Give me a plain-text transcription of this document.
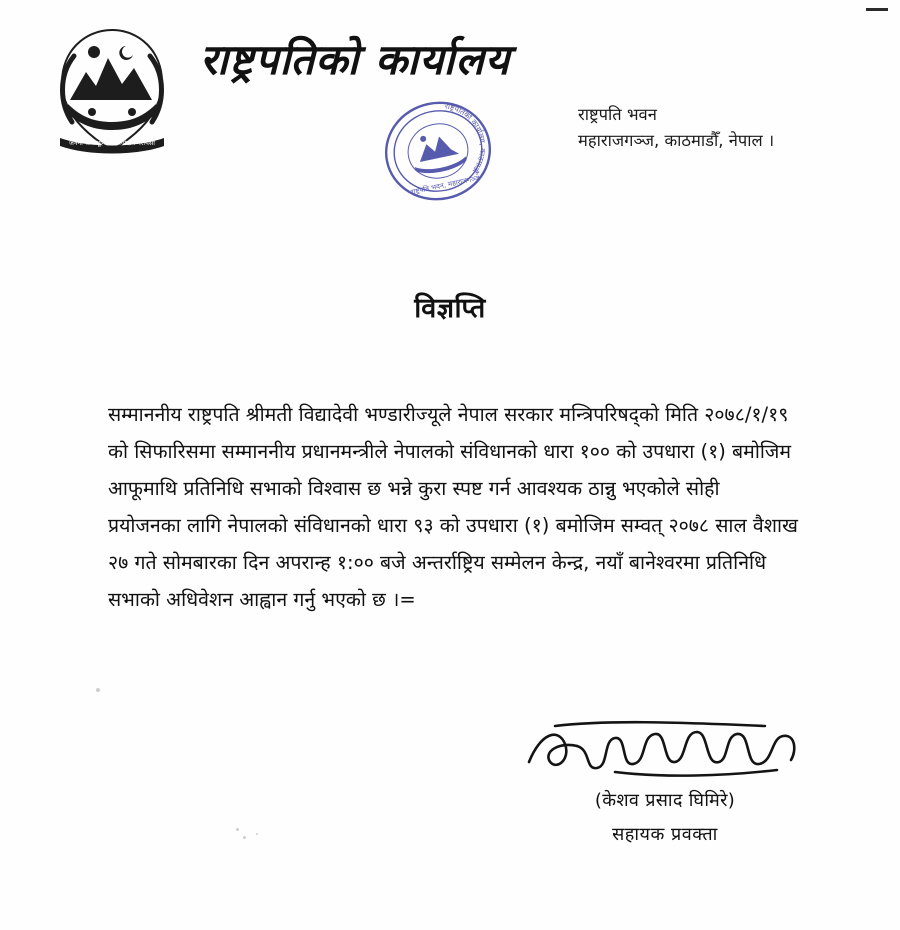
जननी जन्मभूमिश्च स्वर्गादपि गरीयसी
राष्ट्रपतिको कार्यालय
राष्ट्रपतिको कार्यालय, काठमाडौँ
राष्ट्रपति भवन, महाराजगञ्ज
राष्ट्रपति भवन
महाराजगञ्ज, काठमाडौँ, नेपाल ।
विज्ञप्ति

सम्माननीय राष्ट्रपति श्रीमती विद्यादेवी भण्डारीज्यूले नेपाल सरकार मन्त्रिपरिषद्को मिति २०७८/१/१९ को सिफारिसमा सम्माननीय प्रधानमन्त्रीले नेपालको संविधानको धारा १०० को उपधारा (१) बमोजिम आफूमाथि प्रतिनिधि सभाको विश्वास छ भन्ने कुरा स्पष्ट गर्न आवश्यक ठान्नु भएकोले सोही प्रयोजनका लागि नेपालको संविधानको धारा ९३ को उपधारा (१) बमोजिम सम्वत् २०७८ साल वैशाख २७ गते सोमबारका दिन अपरान्ह १:०० बजे अन्तर्राष्ट्रिय सम्मेलन केन्द्र, नयाँ बानेश्वरमा प्रतिनिधि सभाको अधिवेशन आह्वान गर्नु भएको छ ।=

(केशव प्रसाद घिमिरे)
सहायक प्रवक्ता
